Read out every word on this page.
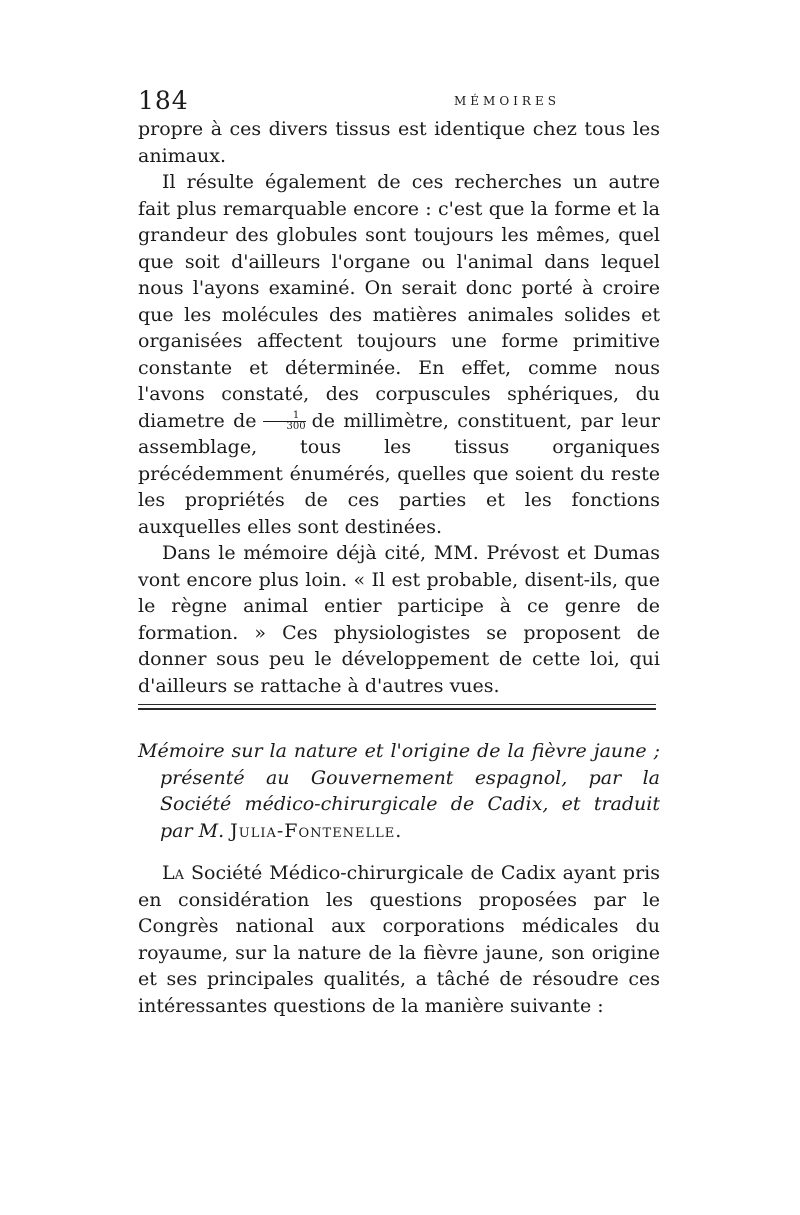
184	MÉMOIRES

propre à ces divers tissus est identique chez tous les animaux.

Il résulte également de ces recherches un autre fait plus remarquable encore : c'est que la forme et la grandeur des globules sont toujours les mêmes, quel que soit d'ailleurs l'organe ou l'animal dans lequel nous l'ayons examiné. On serait donc porté à croire que les molécules des matières animales solides et organisées affectent toujours une forme primitive constante et déterminée. En effet, comme nous l'avons constaté, des corpuscules sphériques, du diametre de $\frac{1}{300}$ de millimètre, constituent, par leur assemblage, tous les tissus organiques précédemment énumérés, quelles que soient du reste les propriétés de ces parties et les fonctions auxquelles elles sont destinées.

Dans le mémoire déjà cité, MM. Prévost et Dumas vont encore plus loin. « Il est probable, disent-ils, que le règne animal entier participe à ce genre de formation. » Ces physiologistes se proposent de donner sous peu le développement de cette loi, qui d'ailleurs se rattache à d'autres vues.

Mémoire sur la nature et l'origine de la fièvre jaune ; présenté au Gouvernement espagnol, par la Société médico-chirurgicale de Cadix, et traduit par M. Julia-Fontenelle.

La Société Médico-chirurgicale de Cadix ayant pris en considération les questions proposées par le Congrès national aux corporations médicales du royaume, sur la nature de la fièvre jaune, son origine et ses principales qualités, a tâché de résoudre ces intéressantes questions de la manière suivante :
